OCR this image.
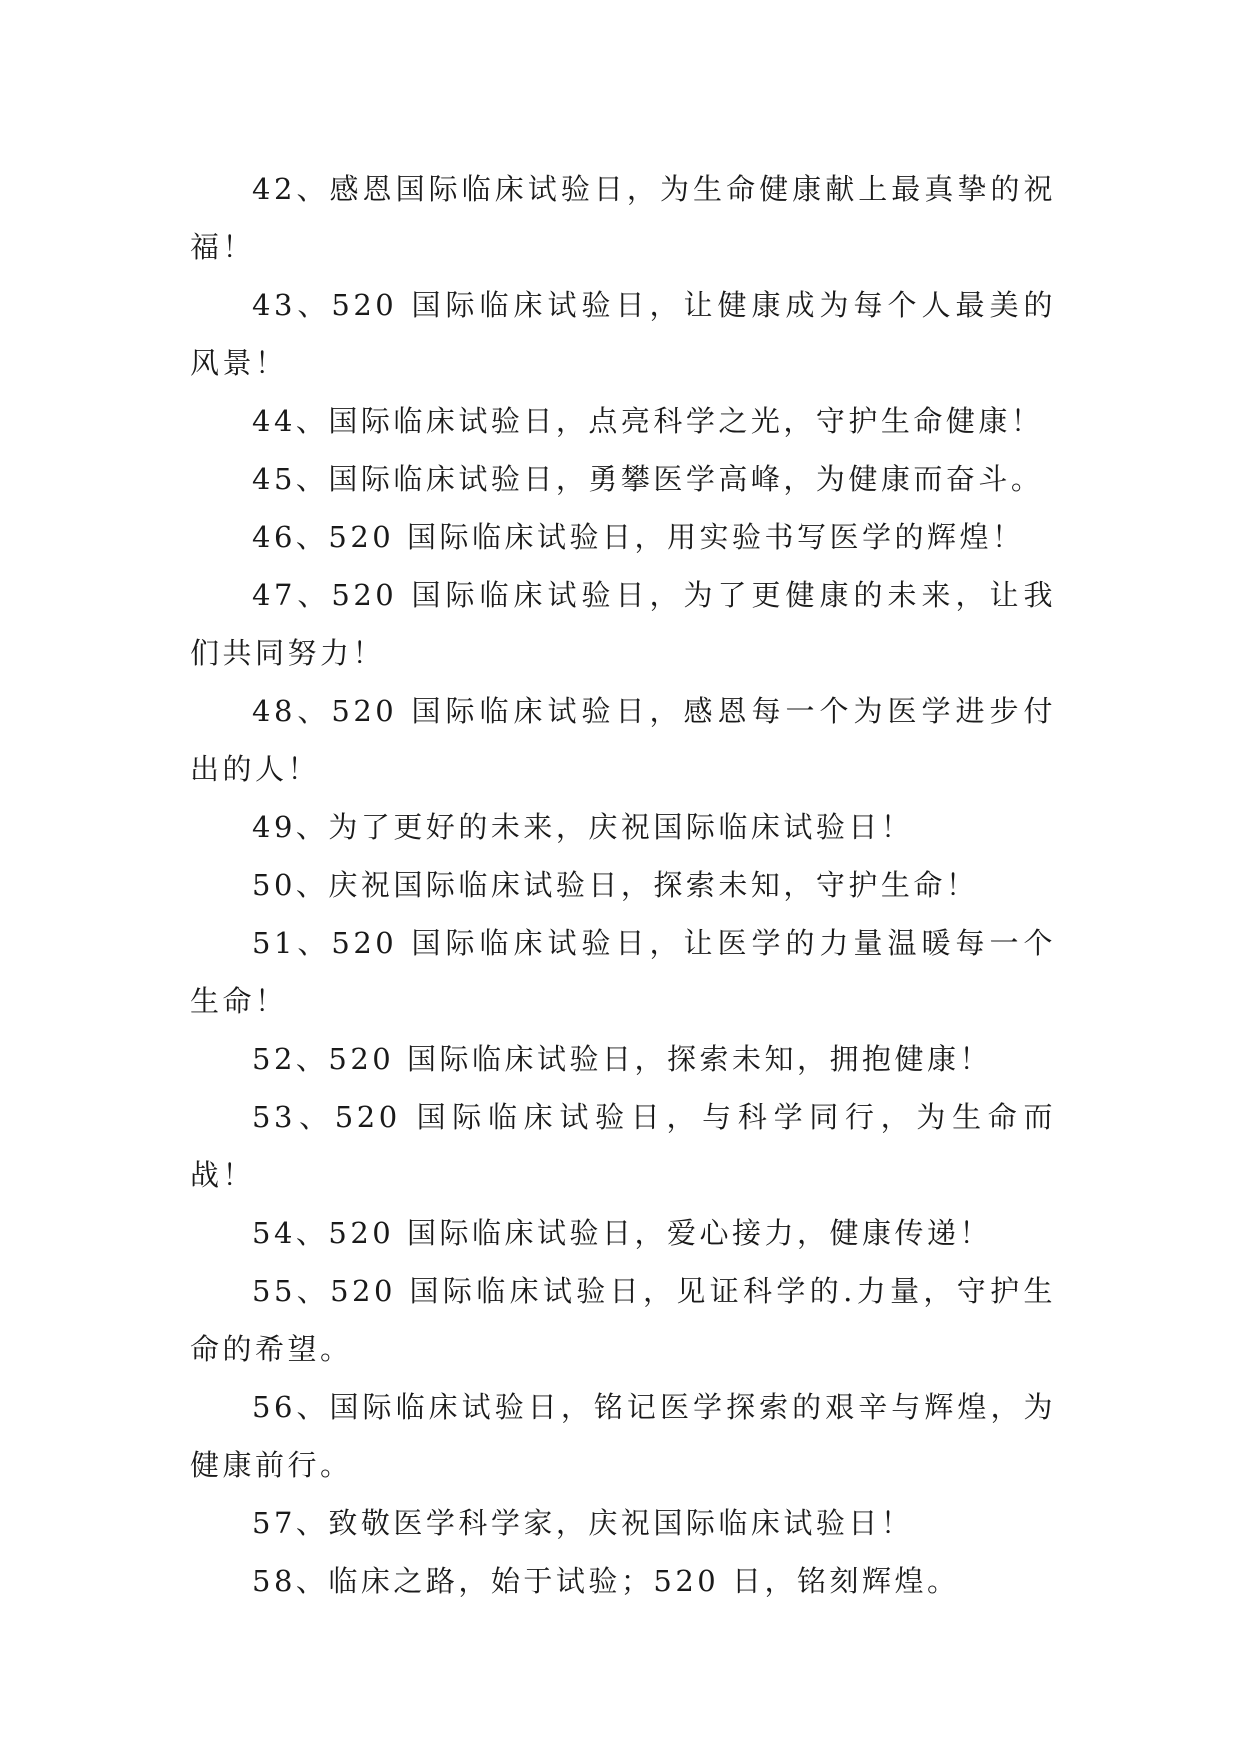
42、感恩国际临床试验日，为生命健康献上最真挚的祝福！

43、520 国际临床试验日，让健康成为每个人最美的风景！

44、国际临床试验日，点亮科学之光，守护生命健康！

45、国际临床试验日，勇攀医学高峰，为健康而奋斗。

46、520 国际临床试验日，用实验书写医学的辉煌！

47、520 国际临床试验日，为了更健康的未来，让我们共同努力！

48、520 国际临床试验日，感恩每一个为医学进步付出的人！

49、为了更好的未来，庆祝国际临床试验日！

50、庆祝国际临床试验日，探索未知，守护生命！

51、520 国际临床试验日，让医学的力量温暖每一个生命！

52、520 国际临床试验日，探索未知，拥抱健康！

53、520 国际临床试验日，与科学同行，为生命而战！

54、520 国际临床试验日，爱心接力，健康传递！

55、520 国际临床试验日，见证科学的.力量，守护生命的希望。

56、国际临床试验日，铭记医学探索的艰辛与辉煌，为健康前行。

57、致敬医学科学家，庆祝国际临床试验日！

58、临床之路，始于试验；520 日，铭刻辉煌。
